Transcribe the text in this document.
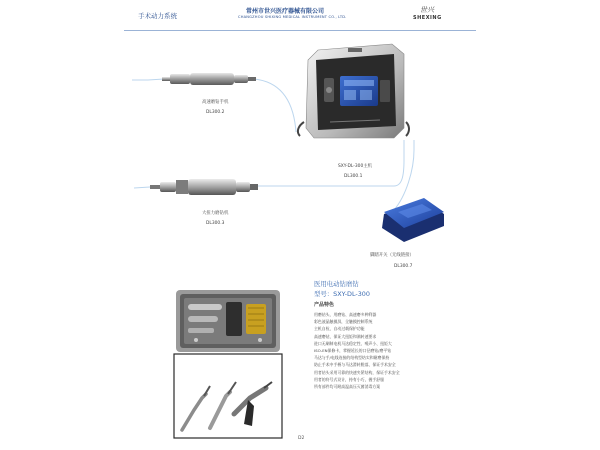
手术动力系统
常州市世兴医疗器械有限公司
CHANGZHOU SHIXING MEDICAL INSTRUMENT CO., LTD.
世兴
SHEXING
高速磨钻手机
DL300.2
SXY-DL-300主机
DL300.1
大扭力磨钻机
DL300.3
脚踏开关（无线链接）
DL300.7
医用电动钻磨钻
型号：SXY-DL-300
产品特色
用磨钻头、用磨钻、高速磨多种利器
彩色液晶触摸屏，全触摸控制系统
主机自检，自动过载保护功能
高速磨钻，保证大扭矩和满转速要求
进口无刷制电机马达稳定性、噪声小、扭矩大
ISO-EN保修卡，掌握延长的口径磨钻/磨平钻
马达与手/电线连接的结构型结实和耐磨保持
防止手术中手柄与马达滑转脱落，保证手术安全
用者钻头采用可靠的快速夹紧结构，保证手术安全
用者的符号式设计，持有小巧，握手舒服
所有部件均可耐高温高压灭菌消毒方案
D2
